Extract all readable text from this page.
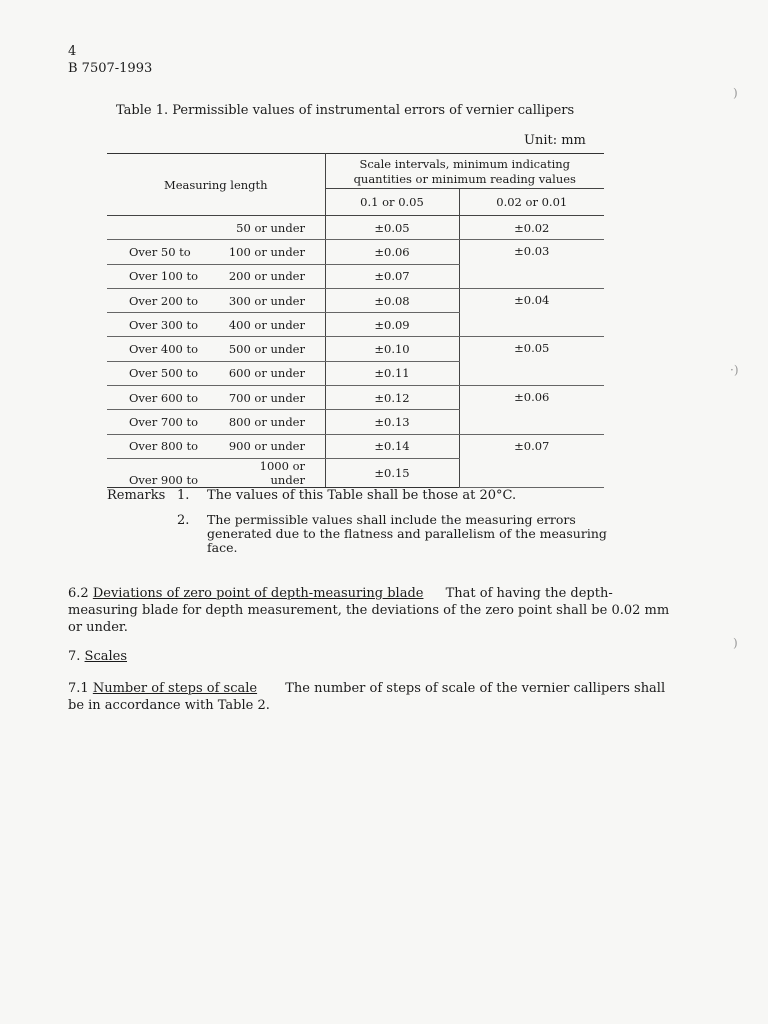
4
B 7507-1993
Table 1. Permissible values of instrumental errors of vernier callipers
Unit: mm
Measuring length	Scale intervals, minimum indicating
quantities or minimum reading values	
	0.1 or 0.05	0.02 or 0.01
50 or under	±0.05	±0.02
Over 50 to 100 or under	±0.06	±0.03
Over 100 to 200 or under	±0.07	
Over 200 to 300 or under	±0.08	±0.04
Over 300 to 400 or under	±0.09	
Over 400 to 500 or under	±0.10	±0.05
Over 500 to 600 or under	±0.11	
Over 600 to 700 or under	±0.12	±0.06
Over 700 to 800 or under	±0.13	
Over 800 to 900 or under	±0.14	±0.07
Over 900 to1000 or under	±0.15	
Remarks 1. The values of this Table shall be those at 20°C.
2. The permissible values shall include the measuring errors generated due to the flatness and parallelism of the measuring face.
6.2 Deviations of zero point of depth-measuring blade That of having the depth-measuring blade for depth measurement, the deviations of the zero point shall be 0.02 mm or under.
7. Scales
7.1 Number of steps of scale The number of steps of scale of the vernier callipers shall be in accordance with Table 2.
)
·)
)
